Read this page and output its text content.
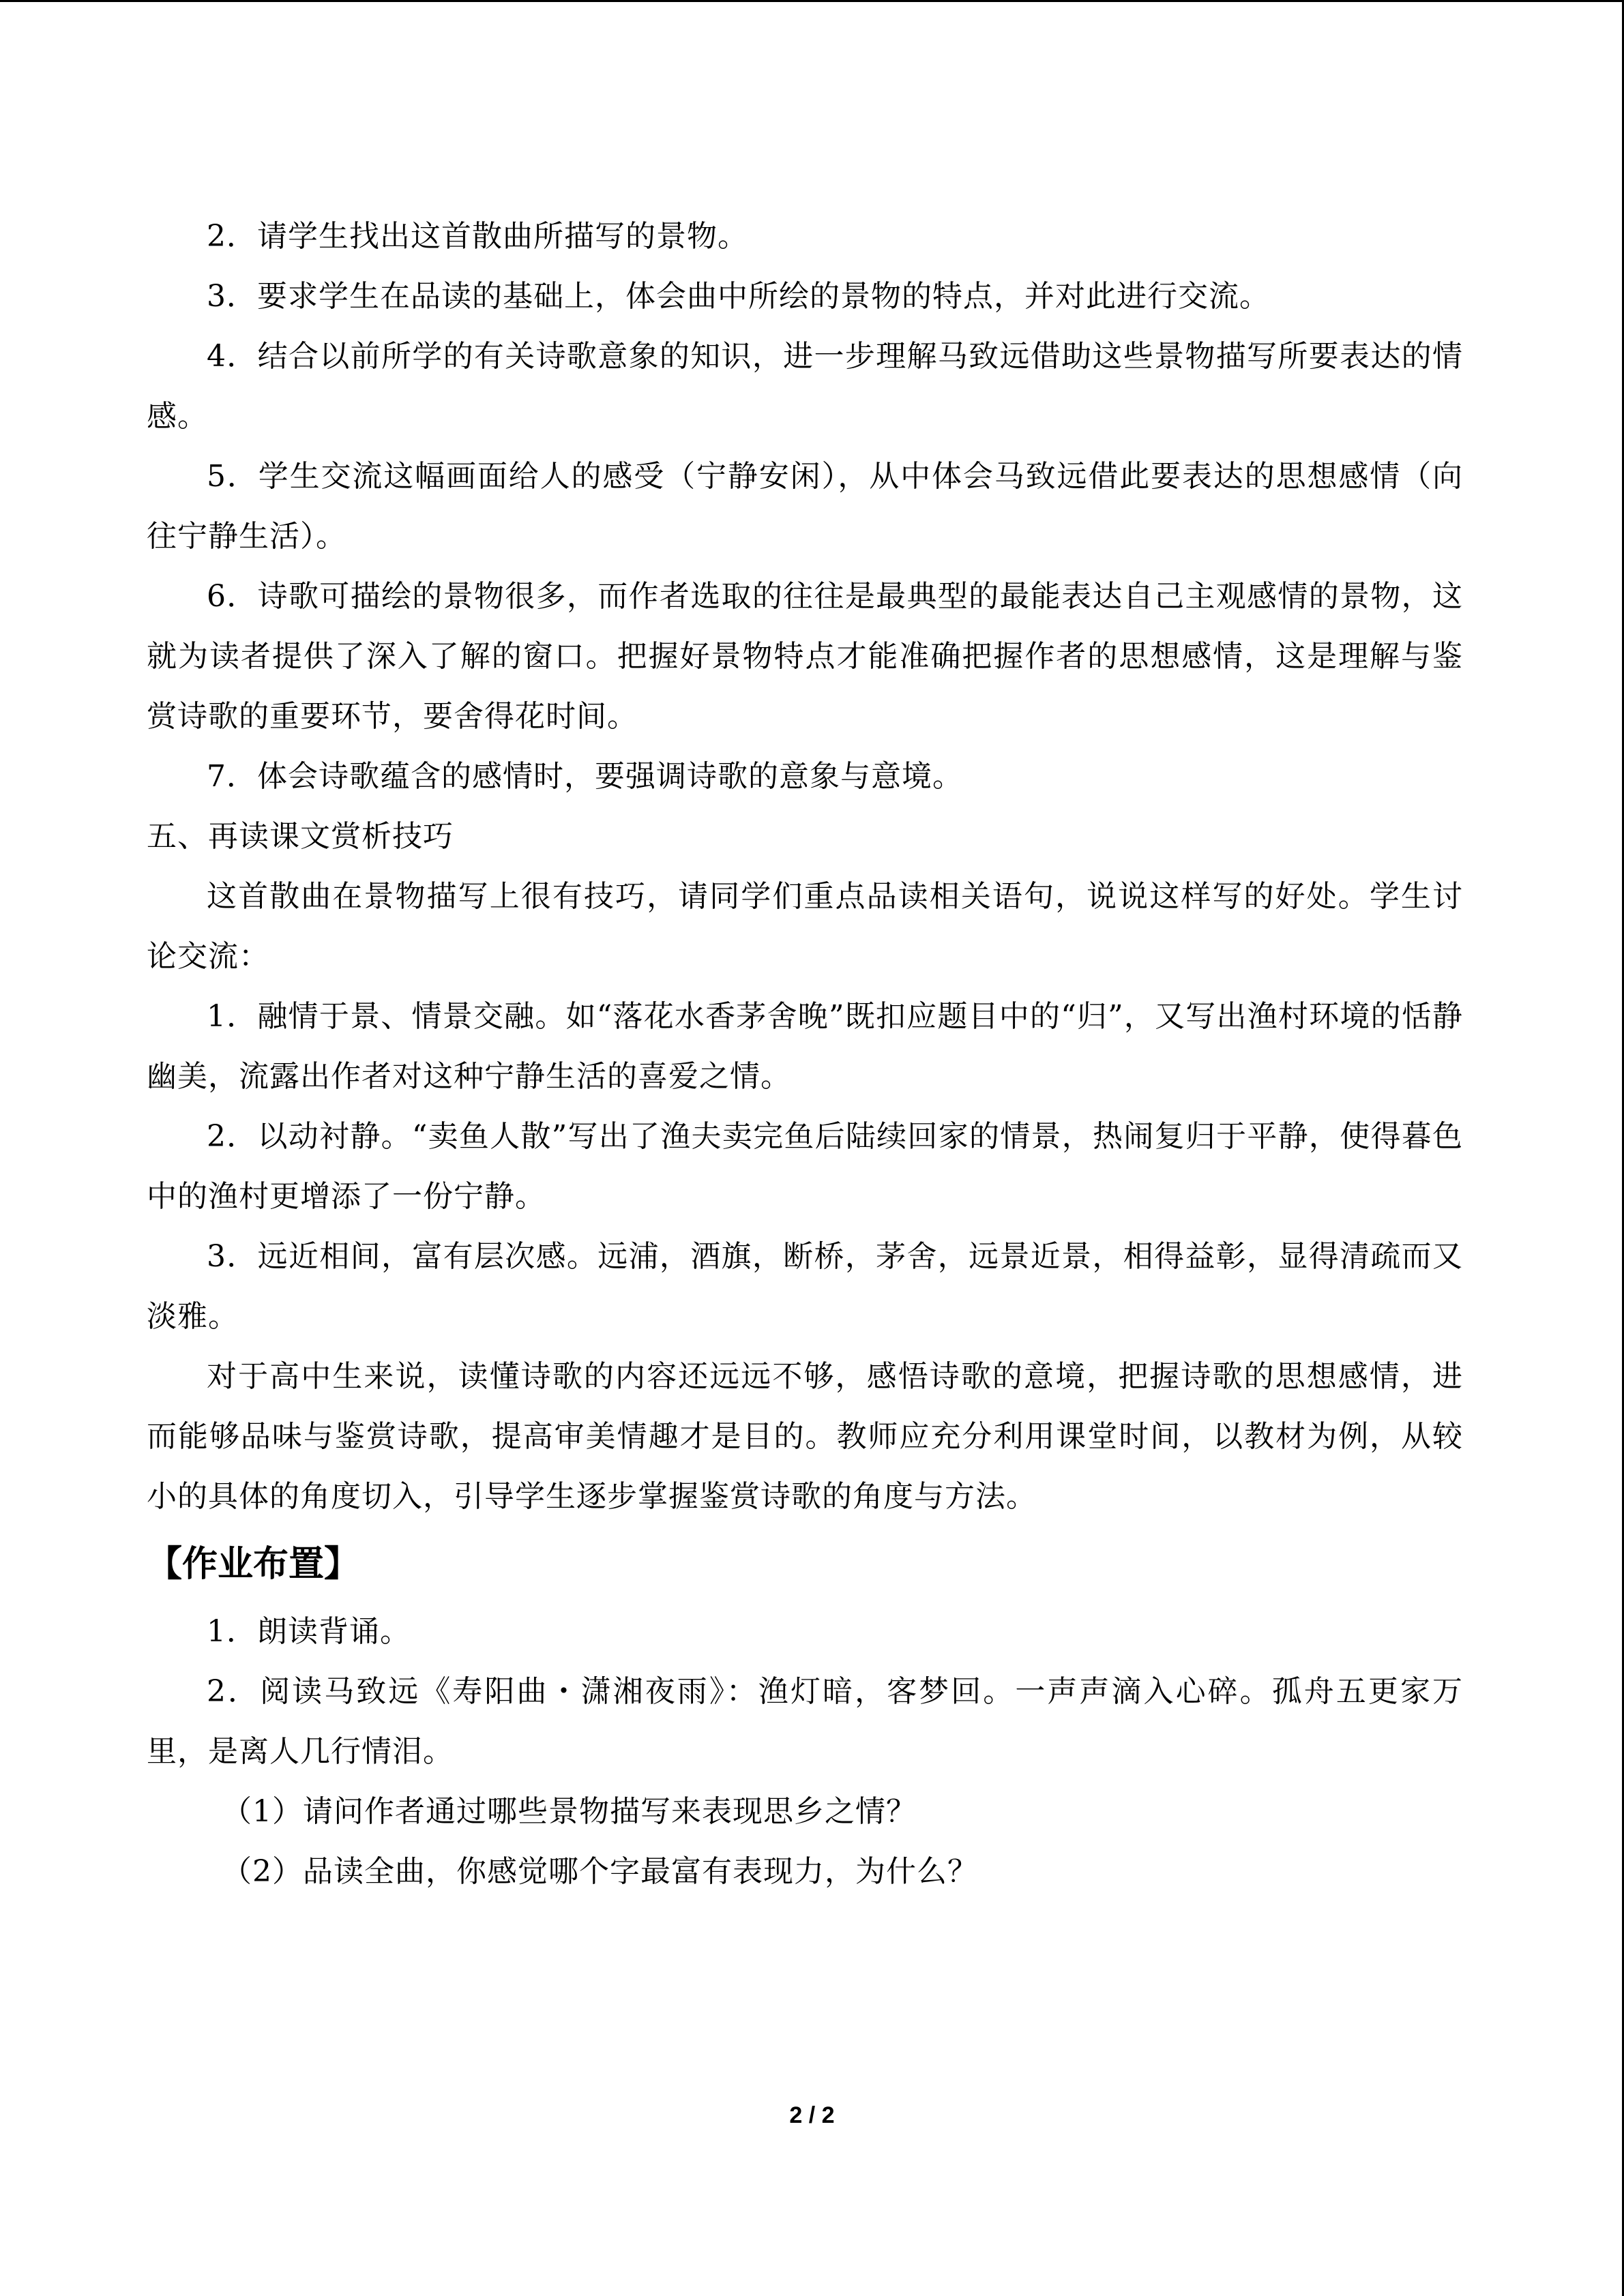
2．请学生找出这首散曲所描写的景物。

3．要求学生在品读的基础上，体会曲中所绘的景物的特点，并对此进行交流。

4．结合以前所学的有关诗歌意象的知识，进一步理解马致远借助这些景物描写所要表达的情感。

5．学生交流这幅画面给人的感受（宁静安闲），从中体会马致远借此要表达的思想感情（向往宁静生活）。

6．诗歌可描绘的景物很多，而作者选取的往往是最典型的最能表达自己主观感情的景物，这就为读者提供了深入了解的窗口。把握好景物特点才能准确把握作者的思想感情，这是理解与鉴赏诗歌的重要环节，要舍得花时间。

7．体会诗歌蕴含的感情时，要强调诗歌的意象与意境。

五、再读课文赏析技巧

这首散曲在景物描写上很有技巧，请同学们重点品读相关语句，说说这样写的好处。学生讨论交流：

1．融情于景、情景交融。如“落花水香茅舍晚”既扣应题目中的“归”，又写出渔村环境的恬静幽美，流露出作者对这种宁静生活的喜爱之情。

2．以动衬静。“卖鱼人散”写出了渔夫卖完鱼后陆续回家的情景，热闹复归于平静，使得暮色中的渔村更增添了一份宁静。

3．远近相间，富有层次感。远浦，酒旗，断桥，茅舍，远景近景，相得益彰，显得清疏而又淡雅。

对于高中生来说，读懂诗歌的内容还远远不够，感悟诗歌的意境，把握诗歌的思想感情，进而能够品味与鉴赏诗歌，提高审美情趣才是目的。教师应充分利用课堂时间，以教材为例，从较小的具体的角度切入，引导学生逐步掌握鉴赏诗歌的角度与方法。

【作业布置】

1．朗读背诵。

2．阅读马致远《寿阳曲・潇湘夜雨》：渔灯暗，客梦回。一声声滴入心碎。孤舟五更家万里，是离人几行情泪。

（1）请问作者通过哪些景物描写来表现思乡之情？

（2）品读全曲，你感觉哪个字最富有表现力，为什么？

2 / 2
